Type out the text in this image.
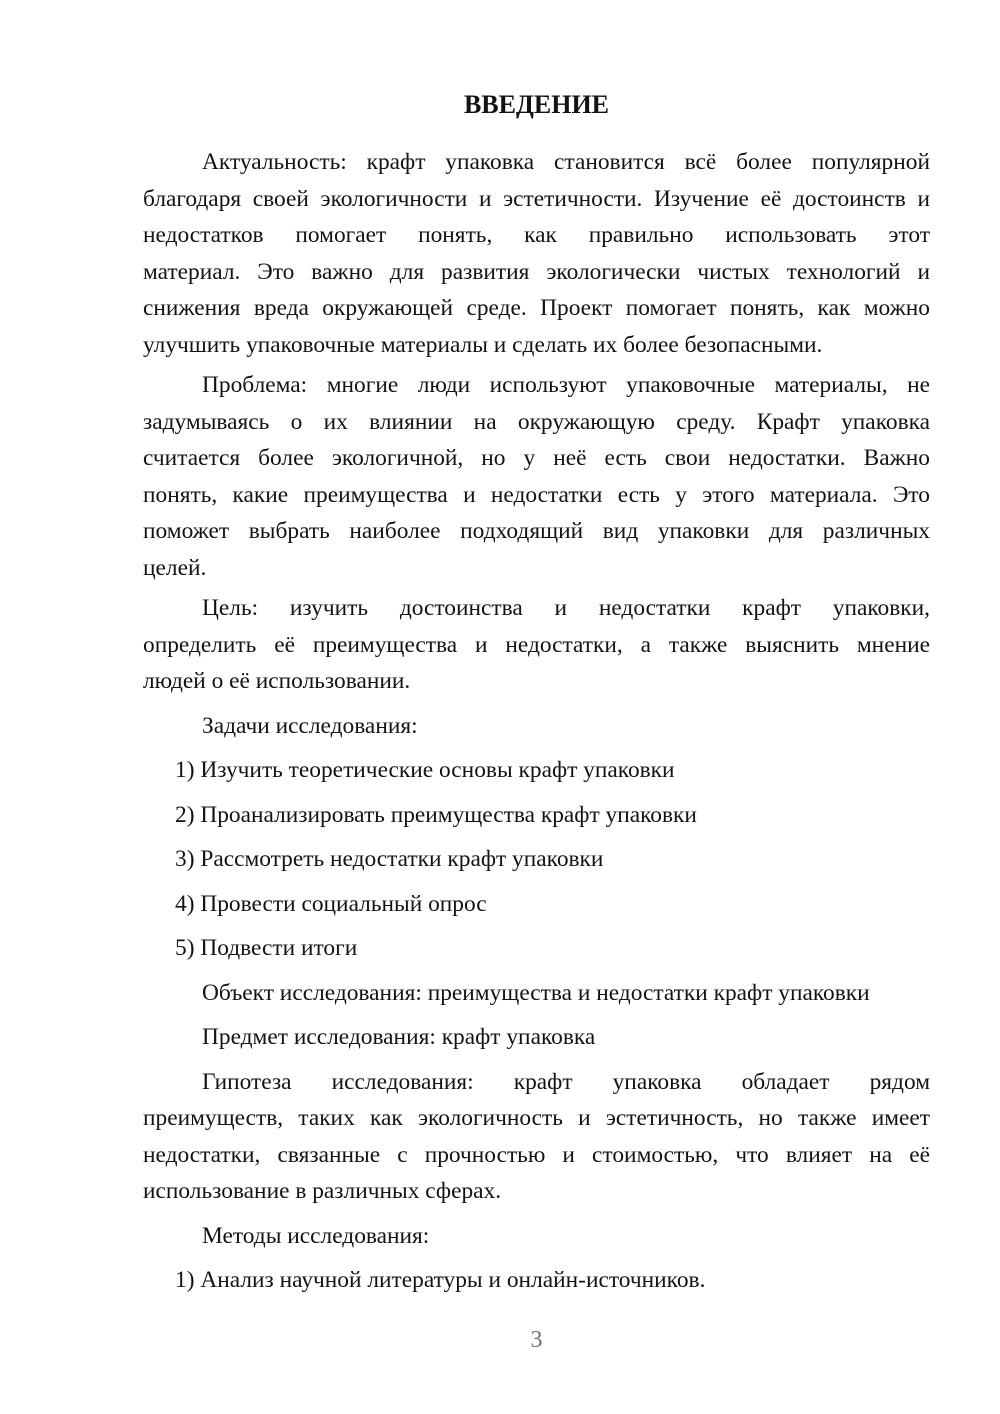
ВВЕДЕНИЕ
Актуальность: крафт упаковка становится всё более популярной
благодаря своей экологичности и эстетичности. Изучение её достоинств и
недостатков помогает понять, как правильно использовать этот
материал. Это важно для развития экологически чистых технологий и
снижения вреда окружающей среде. Проект помогает понять, как можно
улучшить упаковочные материалы и сделать их более безопасными.
Проблема: многие люди используют упаковочные материалы, не
задумываясь о их влиянии на окружающую среду. Крафт упаковка
считается более экологичной, но у неё есть свои недостатки. Важно
понять, какие преимущества и недостатки есть у этого материала. Это
поможет выбрать наиболее подходящий вид упаковки для различных
целей.
Цель: изучить достоинства и недостатки крафт упаковки,
определить её преимущества и недостатки, а также выяснить мнение
людей о её использовании.
Задачи исследования:
1) Изучить теоретические основы крафт упаковки
2) Проанализировать преимущества крафт упаковки
3) Рассмотреть недостатки крафт упаковки
4) Провести социальный опрос
5) Подвести итоги
Объект исследования: преимущества и недостатки крафт упаковки
Предмет исследования: крафт упаковка
Гипотеза исследования: крафт упаковка обладает рядом
преимуществ, таких как экологичность и эстетичность, но также имеет
недостатки, связанные с прочностью и стоимостью, что влияет на её
использование в различных сферах.
Методы исследования:
1) Анализ научной литературы и онлайн-источников.
3
